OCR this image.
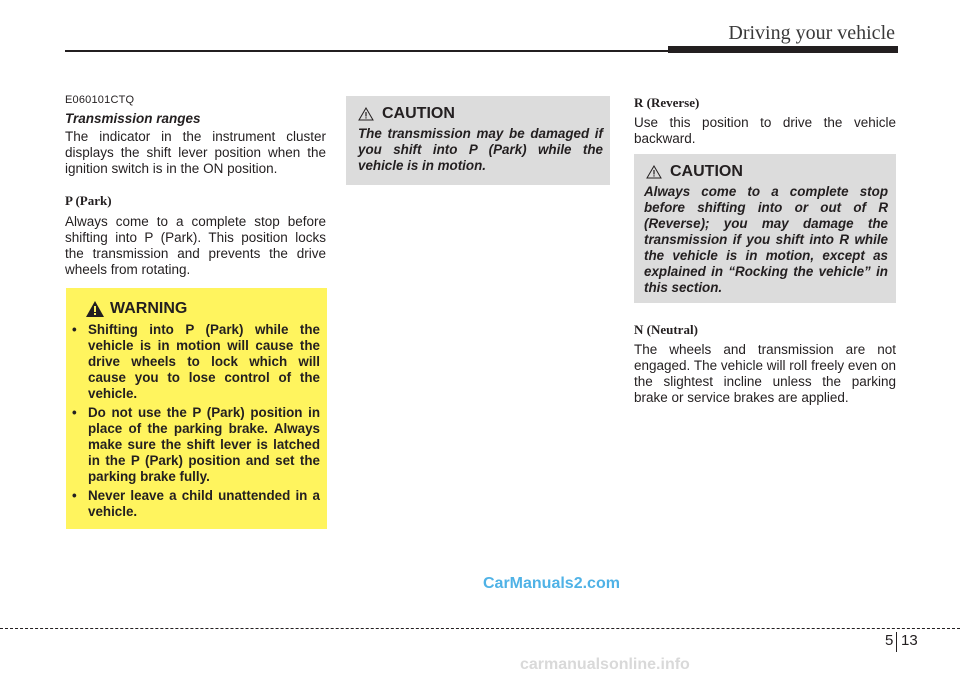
Driving your vehicle
E060101CTQ
Transmission ranges
The indicator in the instrument cluster displays the shift lever position when the ignition switch is in the ON position.
P (Park)
Always come to a complete stop before shifting into P (Park). This position locks the transmission and prevents the drive wheels from rotating.
WARNING
• Shifting into P (Park) while the vehicle is in motion will cause the drive wheels to lock which will cause you to lose control of the vehicle.
• Do not use the P (Park) position in place of the parking brake. Always make sure the shift lever is latched in the P (Park) position and set the parking brake fully.
• Never leave a child unattended in a vehicle.
CAUTION
The transmission may be damaged if you shift into P (Park) while the vehicle is in motion.
R (Reverse)
Use this position to drive the vehicle backward.
CAUTION
Always come to a complete stop before shifting into or out of R (Reverse); you may damage the transmission if you shift into R while the vehicle is in motion, except as explained in “Rocking the vehicle” in this section.
N (Neutral)
The wheels and transmission are not engaged. The vehicle will roll freely even on the slightest incline unless the parking brake or service brakes are applied.
CarManuals2.com
5 13
carmanualsonline.info
